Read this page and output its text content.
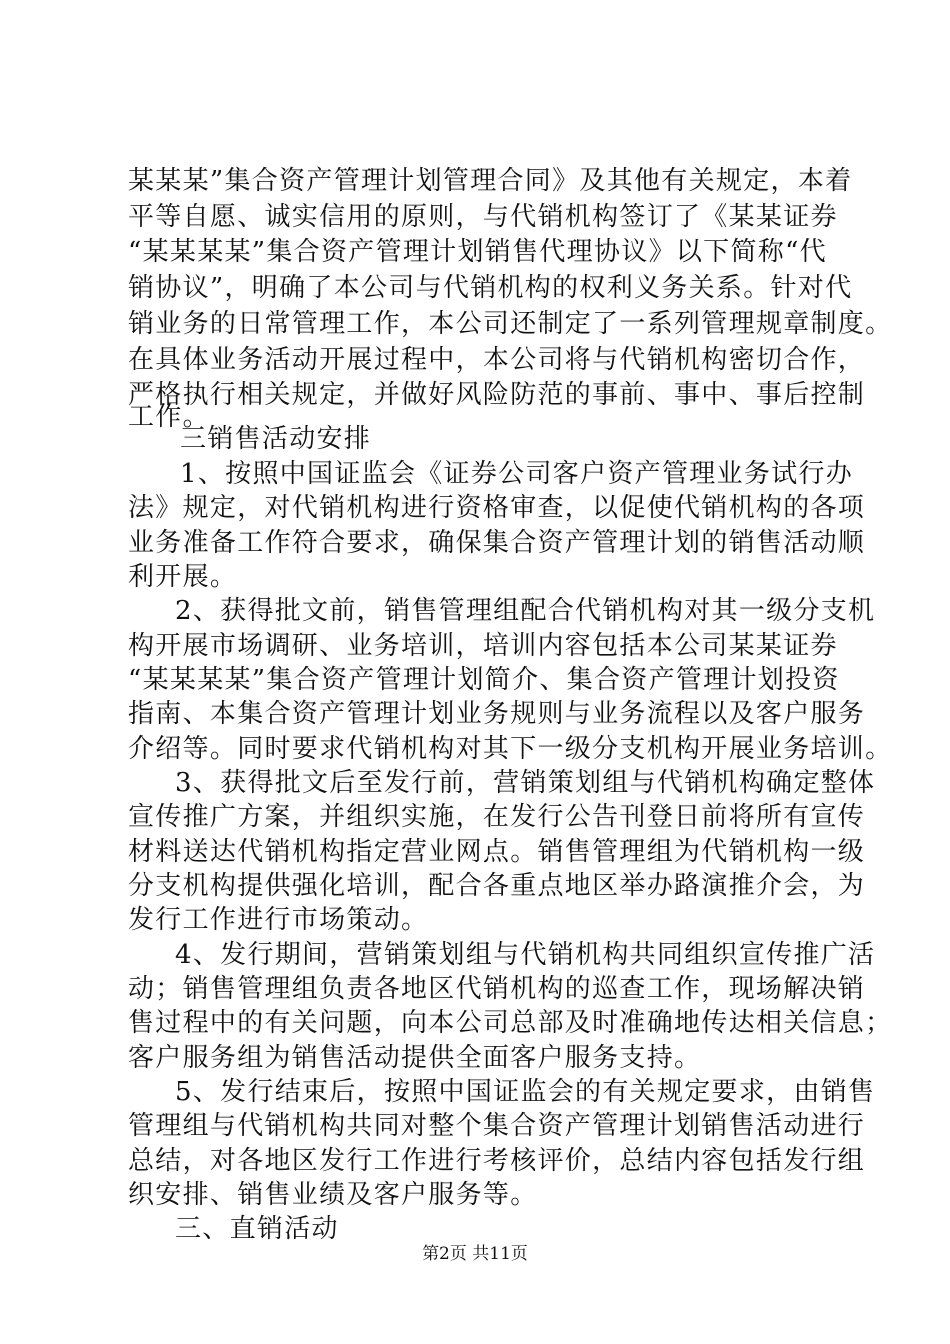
某某某”集合资产管理计划管理合同》及其他有关规定，本着
平等自愿、诚实信用的原则，与代销机构签订了《某某证券
“某某某某”集合资产管理计划销售代理协议》以下简称“代
销协议”，明确了本公司与代销机构的权利义务关系。针对代
销业务的日常管理工作，本公司还制定了一系列管理规章制度。
在具体业务活动开展过程中，本公司将与代销机构密切合作，
严格执行相关规定，并做好风险防范的事前、事中、事后控制
工作。
三销售活动安排
1、按照中国证监会《证券公司客户资产管理业务试行办
法》规定，对代销机构进行资格审查，以促使代销机构的各项
业务准备工作符合要求，确保集合资产管理计划的销售活动顺
利开展。
2、获得批文前，销售管理组配合代销机构对其一级分支机
构开展市场调研、业务培训，培训内容包括本公司某某证券
“某某某某”集合资产管理计划简介、集合资产管理计划投资
指南、本集合资产管理计划业务规则与业务流程以及客户服务
介绍等。同时要求代销机构对其下一级分支机构开展业务培训。
3、获得批文后至发行前，营销策划组与代销机构确定整体
宣传推广方案，并组织实施，在发行公告刊登日前将所有宣传
材料送达代销机构指定营业网点。销售管理组为代销机构一级
分支机构提供强化培训，配合各重点地区举办路演推介会，为
发行工作进行市场策动。
4、发行期间，营销策划组与代销机构共同组织宣传推广活
动；销售管理组负责各地区代销机构的巡查工作，现场解决销
售过程中的有关问题，向本公司总部及时准确地传达相关信息；
客户服务组为销售活动提供全面客户服务支持。
5、发行结束后，按照中国证监会的有关规定要求，由销售
管理组与代销机构共同对整个集合资产管理计划销售活动进行
总结，对各地区发行工作进行考核评价，总结内容包括发行组
织安排、销售业绩及客户服务等。
三、直销活动
第2页 共11页
